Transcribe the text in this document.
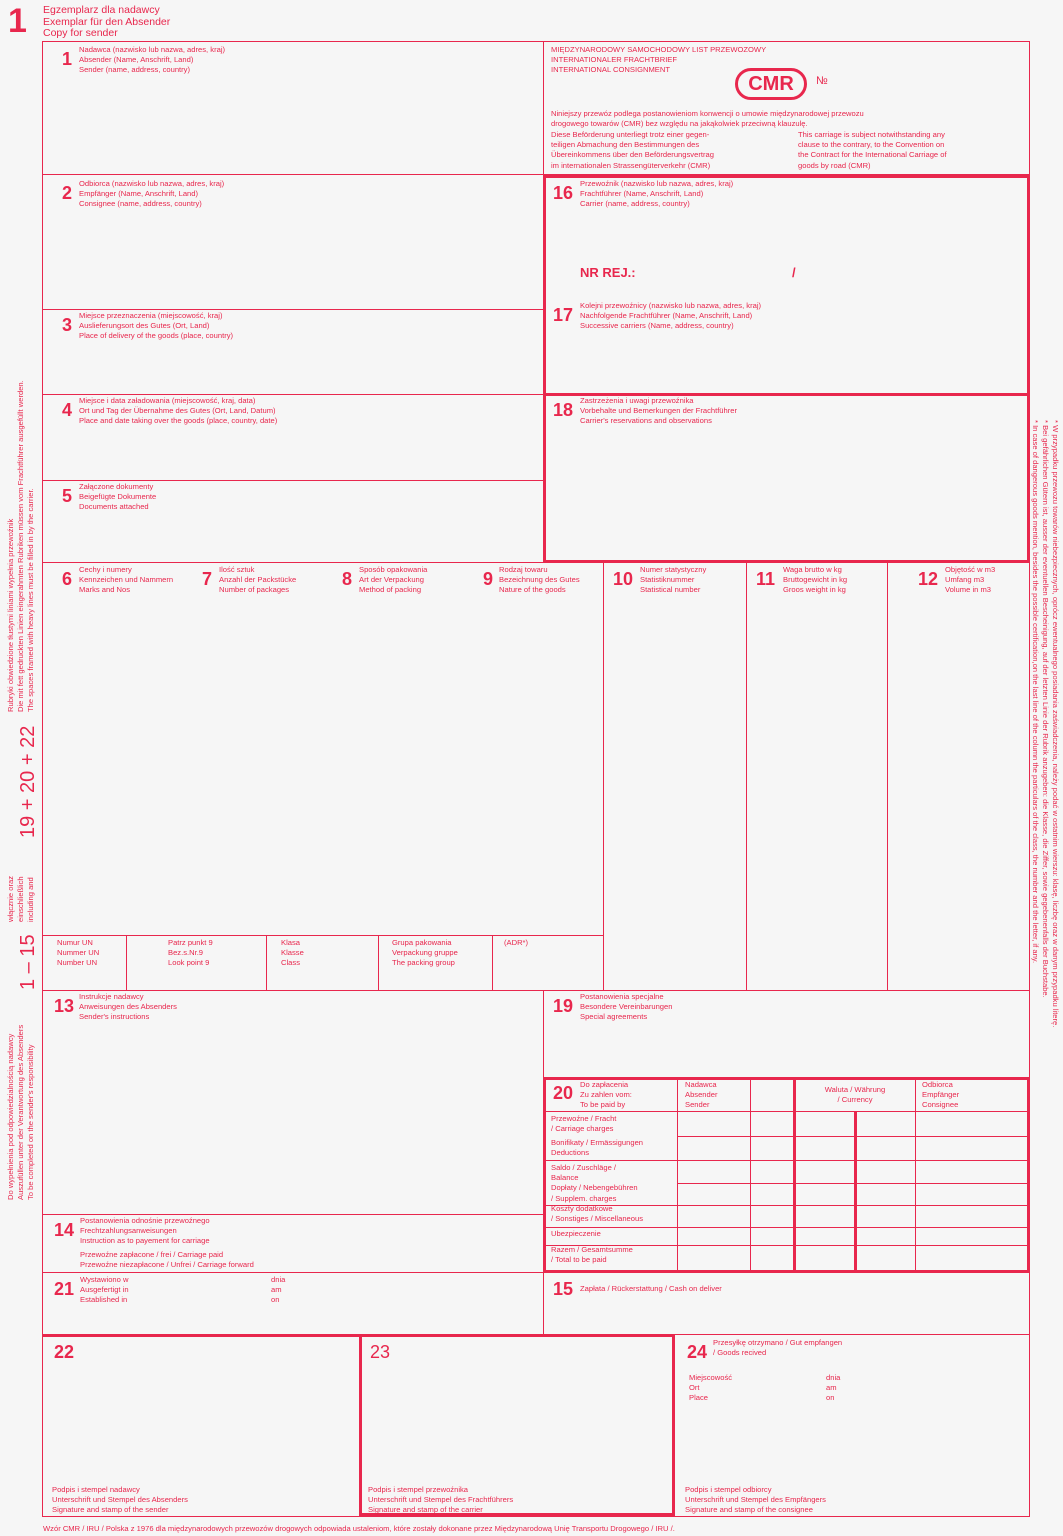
1 Egzemplarz dla nadawcy
Exemplar für den Absender
Copy for sender
1 – 15
19 + 20 + 22
włącznie oraz einschließlich including and
Rubryki obwiedzione tłustymi liniami wypełnia przewoźnik Die mit fett gedruckten Linien eingerahmten Rubriken müssen vom Frachtführer ausgefüllt werden. The spaces framed with heavy lines must be filled in by the carrier.
Do wypełnienia pod odpowiedzialnością nadawcy Auszufüllen unter der Verantwortung des Absenders To be completed on the sender's responsibility
* W przypadku przewozu towarów niebezpiecznych, oprócz ewentualnego posiadania zaświadczenia, należy podać w ostatnim wierszu: klasę, liczbę oraz w danym przypadku literę.
* Bei gefährlichen Gütern ist, ausser der eventuellen Bescheinigung, auf der letzten Linie der Rubrik anzugeben: die Klasse, die Ziffer, sowie gegebenenfalls der Buchstabe.
* In case of dangerous goods mention, besides the possible certification,on the last line of the column the particulars of the class, the number and the letter, if any.
MIĘDZYNARODOWY SAMOCHODOWY LIST PRZEWOZOWY
INTERNATIONALER FRACHTBRIEF
INTERNATIONAL CONSIGNMENT
CMR	№
Niniejszy przewóz podlega postanowieniom konwencji o umowie międzynarodowej przewozu
drogowego towarów (CMR) bez względu na jakąkolwiek przeciwną klauzulę.
Diese Beförderung unterliegt trotz einer gegen-
teiligen Abmachung den Bestimmungen des
Übereinkommens über den Beförderungsvertrag
im internationalen Strassengüterverkehr (CMR)
This carriage is subject notwithstanding any
clause to the contrary, to the Convention on
the Contract for the International Carriage of
goods by road (CMR)
1 Nadawca (nazwisko lub nazwa, adres, kraj)
Absender (Name, Anschrift, Land)
Sender (name, address, country)
2 Odbiorca (nazwisko lub nazwa, adres, kraj)
Empfänger (Name, Anschrift, Land)
Consignee (name, address, country)
3 Miejsce przeznaczenia (miejscowość, kraj)
Auslieferungsort des Gutes (Ort, Land)
Place of delivery of the goods (place, country)
4 Miejsce i data załadowania (miejscowość, kraj, data)
Ort und Tag der Übernahme des Gutes (Ort, Land, Datum)
Place and date taking over the goods (place, country, date)
5 Załączone dokumenty
Beigefügte Dokumente
Documents attached
16 Przewoźnik (nazwisko lub nazwa, adres, kraj)
Frachtführer (Name, Anschrift, Land)
Carrier (name, address, country)
NR REJ.:	/
17 Kolejni przewoźnicy (nazwisko lub nazwa, adres, kraj)
Nachfolgende Frachtführer (Name, Anschrift, Land)
Successive carriers (Name, address, country)
18 Zastrzeżenia i uwagi przewoźnika
Vorbehalte und Bemerkungen der Frachtführer
Carrier's reservations and observations
6 Cechy i numery
Kennzeichen und Nammern
Marks and Nos
7 Ilość sztuk
Anzahl der Packstücke
Number of packages
8 Sposób opakowania
Art der Verpackung
Method of packing
9 Rodzaj towaru
Bezeichnung des Gutes
Nature of the goods
10 Numer statystyczny
Statistiknummer
Statistical number
11 Waga brutto w kg
Bruttogewicht in kg
Groos weight in kg
12 Objętość w m3
Umfang m3
Volume in m3
Numur UN
Nummer UN
Number UN
Patrz punkt 9
Bez.s.Nr.9
Look point 9
Klasa
Klasse
Class
Grupa pakowania
Verpackung gruppe
The packing group
(ADR*)
13 Instrukcje nadawcy
Anweisungen des Absenders
Sender's instructions
19 Postanowienia specjalne
Besondere Vereinbarungen
Special agreements
14 Postanowienia odnośnie przewoźnego
Frechtzahlungsanweisungen
Instruction as to payement for carriage
Przewoźne zapłacone / frei / Carriage paid
Przewoźne niezapłacone / Unfrei / Carriage forward
20 Do zapłacenia
Zu zahlen vom:
To be paid by
Nadawca
Absender
Sender
Waluta / Währung
/ Currency
Odbiorca
Empfänger
Consignee
Przewoźne / Fracht
/ Carriage charges
Bonifikaty / Ermässigungen
Deductions
Saldo / Zuschläge /
Balance
Dopłaty / Nebengebühren
/ Supplem. charges
Koszty dodatkowe
/ Sonstiges / Miscellaneous
Ubezpieczenie
Razem / Gesamtsumme
/ Total to be paid
21 Wystawiono w
Ausgefertigt in
Established in
dnia
am
on
15 Zapłata / Rückerstattung / Cash on deliver
22
Podpis i stempel nadawcy
Unterschrift und Stempel des Absenders
Signature and stamp of the sender
23
Podpis i stempel przewoźnika
Unterschrift und Stempel des Frachtführers
Signature and stamp of the carrier
24 Przesyłkę otrzymano / Gut empfangen
/ Goods recived
Miejscowość
Ort
Place
dnia
am
on
Podpis i stempel odbiorcy
Unterschrift und Stempel des Empfängers
Signature and stamp of the consignee
Wzór CMR / IRU / Polska z 1976 dla międzynarodowych przewozów drogowych odpowiada ustaleniom, które zostały dokonane przez Międzynarodową Unię Transportu Drogowego / IRU /.
